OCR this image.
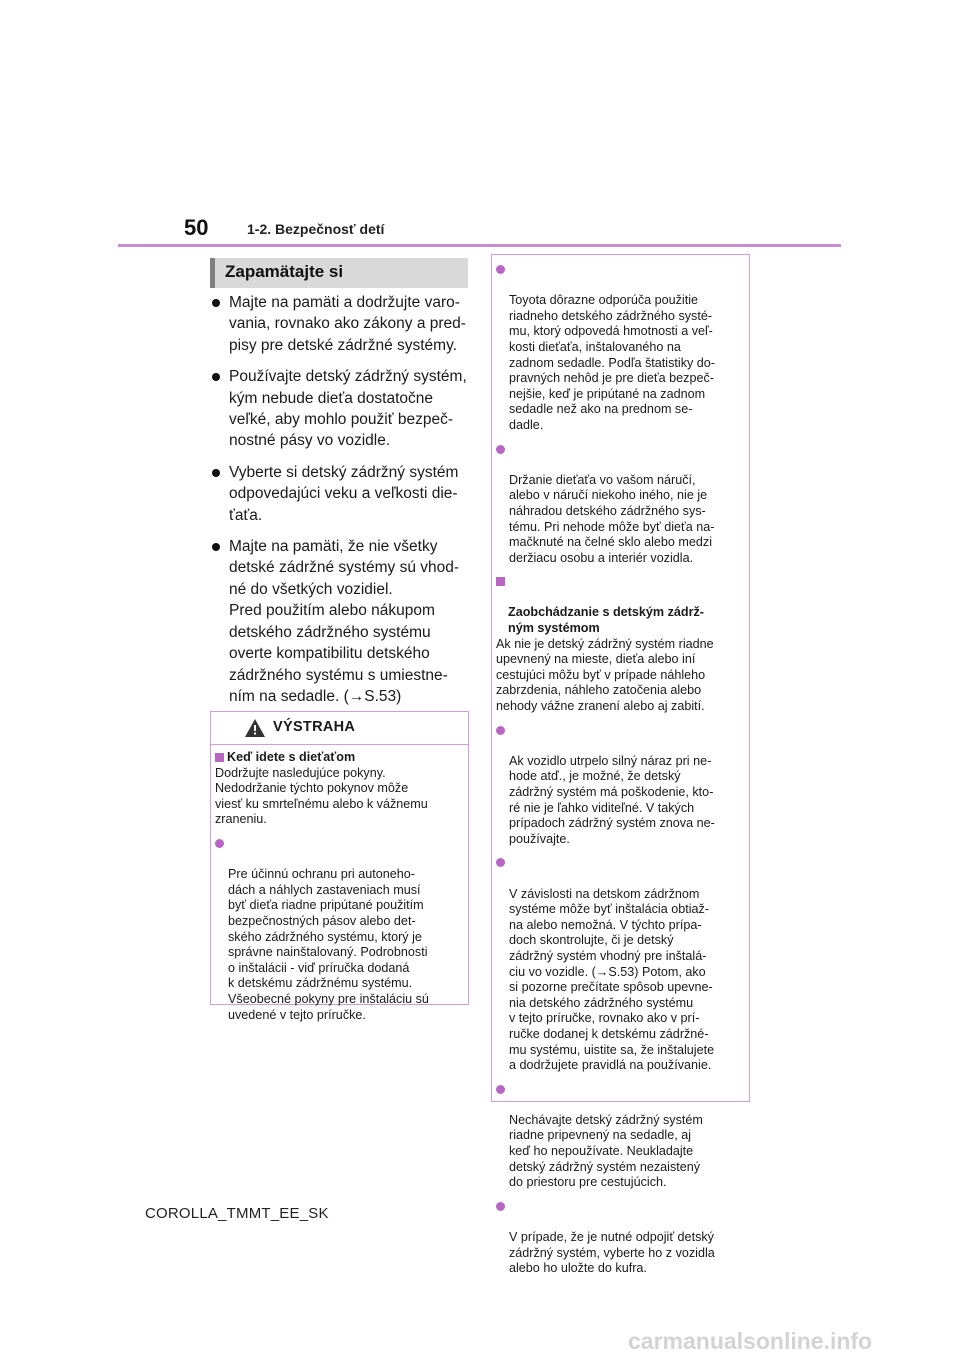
50	1-2. Bezpečnosť detí
Zapamätajte si
Majte na pamäti a dodržujte varo-
vania, rovnako ako zákony a pred-
pisy pre detské zádržné systémy.
Používajte detský zádržný systém,
kým nebude dieťa dostatočne
veľké, aby mohlo použiť bezpeč-
nostné pásy vo vozidle.
Vyberte si detský zádržný systém
odpovedajúci veku a veľkosti die-
ťaťa.
Majte na pamäti, že nie všetky
detské zádržné systémy sú vhod-
né do všetkých vozidiel.
Pred použitím alebo nákupom
detského zádržného systému
overte kompatibilitu detského
zádržného systému s umiestne-
ním na sedadle. (→S.53)
VÝSTRAHA
Keď idete s dieťaťom
Dodržujte nasledujúce pokyny.
Nedodržanie týchto pokynov môže
viesť ku smrteľnému alebo k vážnemu
zraneniu.

Pre účinnú ochranu pri autoneho-
dách a náhlych zastaveniach musí
byť dieťa riadne pripútané použitím
bezpečnostných pásov alebo det-
ského zádržného systému, ktorý je
správne nainštalovaný. Podrobnosti
o inštalácii - viď príručka dodaná
k detskému zádržnému systému.
Všeobecné pokyny pre inštaláciu sú
uvedené v tejto príručke.

Toyota dôrazne odporúča použitie
riadneho detského zádržného systé-
mu, ktorý odpovedá hmotnosti a veľ-
kosti dieťaťa, inštalovaného na
zadnom sedadle. Podľa štatistiky do-
pravných nehôd je pre dieťa bezpeč-
nejšie, keď je pripútané na zadnom
sedadle než ako na prednom se-
dadle.

Držanie dieťaťa vo vašom náručí,
alebo v náručí niekoho iného, nie je
náhradou detského zádržného sys-
tému. Pri nehode môže byť dieťa na-
mačknuté na čelné sklo alebo medzi
deržiacu osobu a interiér vozidla.

Zaobchádzanie s detským zádrž-
ným systémom

Ak nie je detský zádržný systém riadne
upevnený na mieste, dieťa alebo iní
cestujúci môžu byť v prípade náhleho
zabrzdenia, náhleho zatočenia alebo
nehody vážne zranení alebo aj zabití.

Ak vozidlo utrpelo silný náraz pri ne-
hode atď., je možné, že detský
zádržný systém má poškodenie, kto-
ré nie je ľahko viditeľné. V takých
prípadoch zádržný systém znova ne-
používajte.

V závislosti na detskom zádržnom
systéme môže byť inštalácia obtiaž-
na alebo nemožná. V týchto prípa-
doch skontrolujte, či je detský
zádržný systém vhodný pre inštalá-
ciu vo vozidle. (→S.53) Potom, ako
si pozorne prečítate spôsob upevne-
nia detského zádržného systému
v tejto príručke, rovnako ako v prí-
ručke dodanej k detskému zádržné-
mu systému, uistite sa, že inštalujete
a dodržujete pravidlá na používanie.

Nechávajte detský zádržný systém
riadne pripevnený na sedadle, aj
keď ho nepoužívate. Neukladajte
detský zádržný systém nezaistený
do priestoru pre cestujúcich.

V prípade, že je nutné odpojiť detský
zádržný systém, vyberte ho z vozidla
alebo ho uložte do kufra.

COROLLA_TMMT_EE_SK
carmanualsonline.info
